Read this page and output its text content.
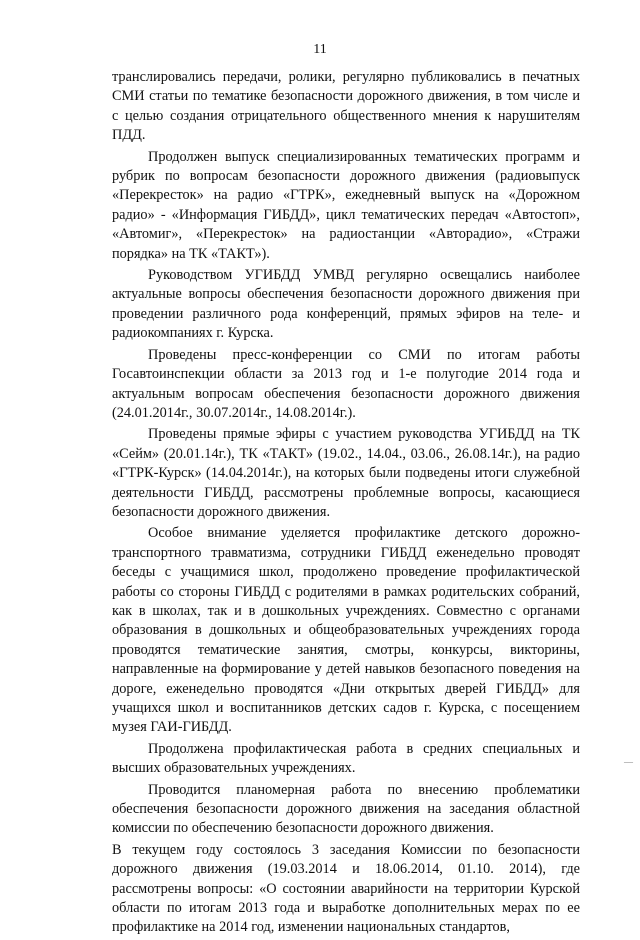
11

транслировались передачи, ролики, регулярно публиковались в печатных СМИ статьи по тематике безопасности дорожного движения, в том числе и с целью создания отрицательного общественного мнения к нарушителям ПДД.

Продолжен выпуск специализированных тематических программ и рубрик по вопросам безопасности дорожного движения (радиовыпуск «Перекресток» на радио «ГТРК», ежедневный выпуск на «Дорожном радио» - «Информация ГИБДД», цикл тематических передач «Автостоп», «Автомиг», «Перекресток» на радиостанции «Авторадио», «Стражи порядка» на ТК «ТАКТ»).

Руководством УГИБДД УМВД регулярно освещались наиболее актуальные вопросы обеспечения безопасности дорожного движения при проведении различного рода конференций, прямых эфиров на теле- и радиокомпаниях г. Курска.

Проведены пресс-конференции со СМИ по итогам работы Госавтоинспекции области за 2013 год и 1-е полугодие 2014 года и актуальным вопросам обеспечения безопасности дорожного движения (24.01.2014г., 30.07.2014г., 14.08.2014г.).

Проведены прямые эфиры с участием руководства УГИБДД на ТК «Сейм» (20.01.14г.), ТК «ТАКТ» (19.02., 14.04., 03.06., 26.08.14г.), на радио «ГТРК-Курск» (14.04.2014г.), на которых были подведены итоги служебной деятельности ГИБДД, рассмотрены проблемные вопросы, касающиеся безопасности дорожного движения.

Особое внимание уделяется профилактике детского дорожно-транспортного травматизма, сотрудники ГИБДД еженедельно проводят беседы с учащимися школ, продолжено проведение профилактической работы со стороны ГИБДД с родителями в рамках родительских собраний, как в школах, так и в дошкольных учреждениях. Совместно с органами образования в дошкольных и общеобразовательных учреждениях города проводятся тематические занятия, смотры, конкурсы, викторины, направленные на формирование у детей навыков безопасного поведения на дороге, еженедельно проводятся «Дни открытых дверей ГИБДД» для учащихся школ и воспитанников детских садов г. Курска, с посещением музея ГАИ-ГИБДД.

Продолжена профилактическая работа в средних специальных и высших образовательных учреждениях.

Проводится планомерная работа по внесению проблематики обеспечения безопасности дорожного движения на заседания областной комиссии по обеспечению безопасности дорожного движения.

В текущем году состоялось 3 заседания Комиссии по безопасности дорожного движения (19.03.2014 и 18.06.2014, 01.10. 2014), где рассмотрены вопросы: «О состоянии аварийности на территории Курской области по итогам 2013 года и выработке дополнительных мерах по ее профилактике на 2014 год, изменении национальных стандартов,

—
